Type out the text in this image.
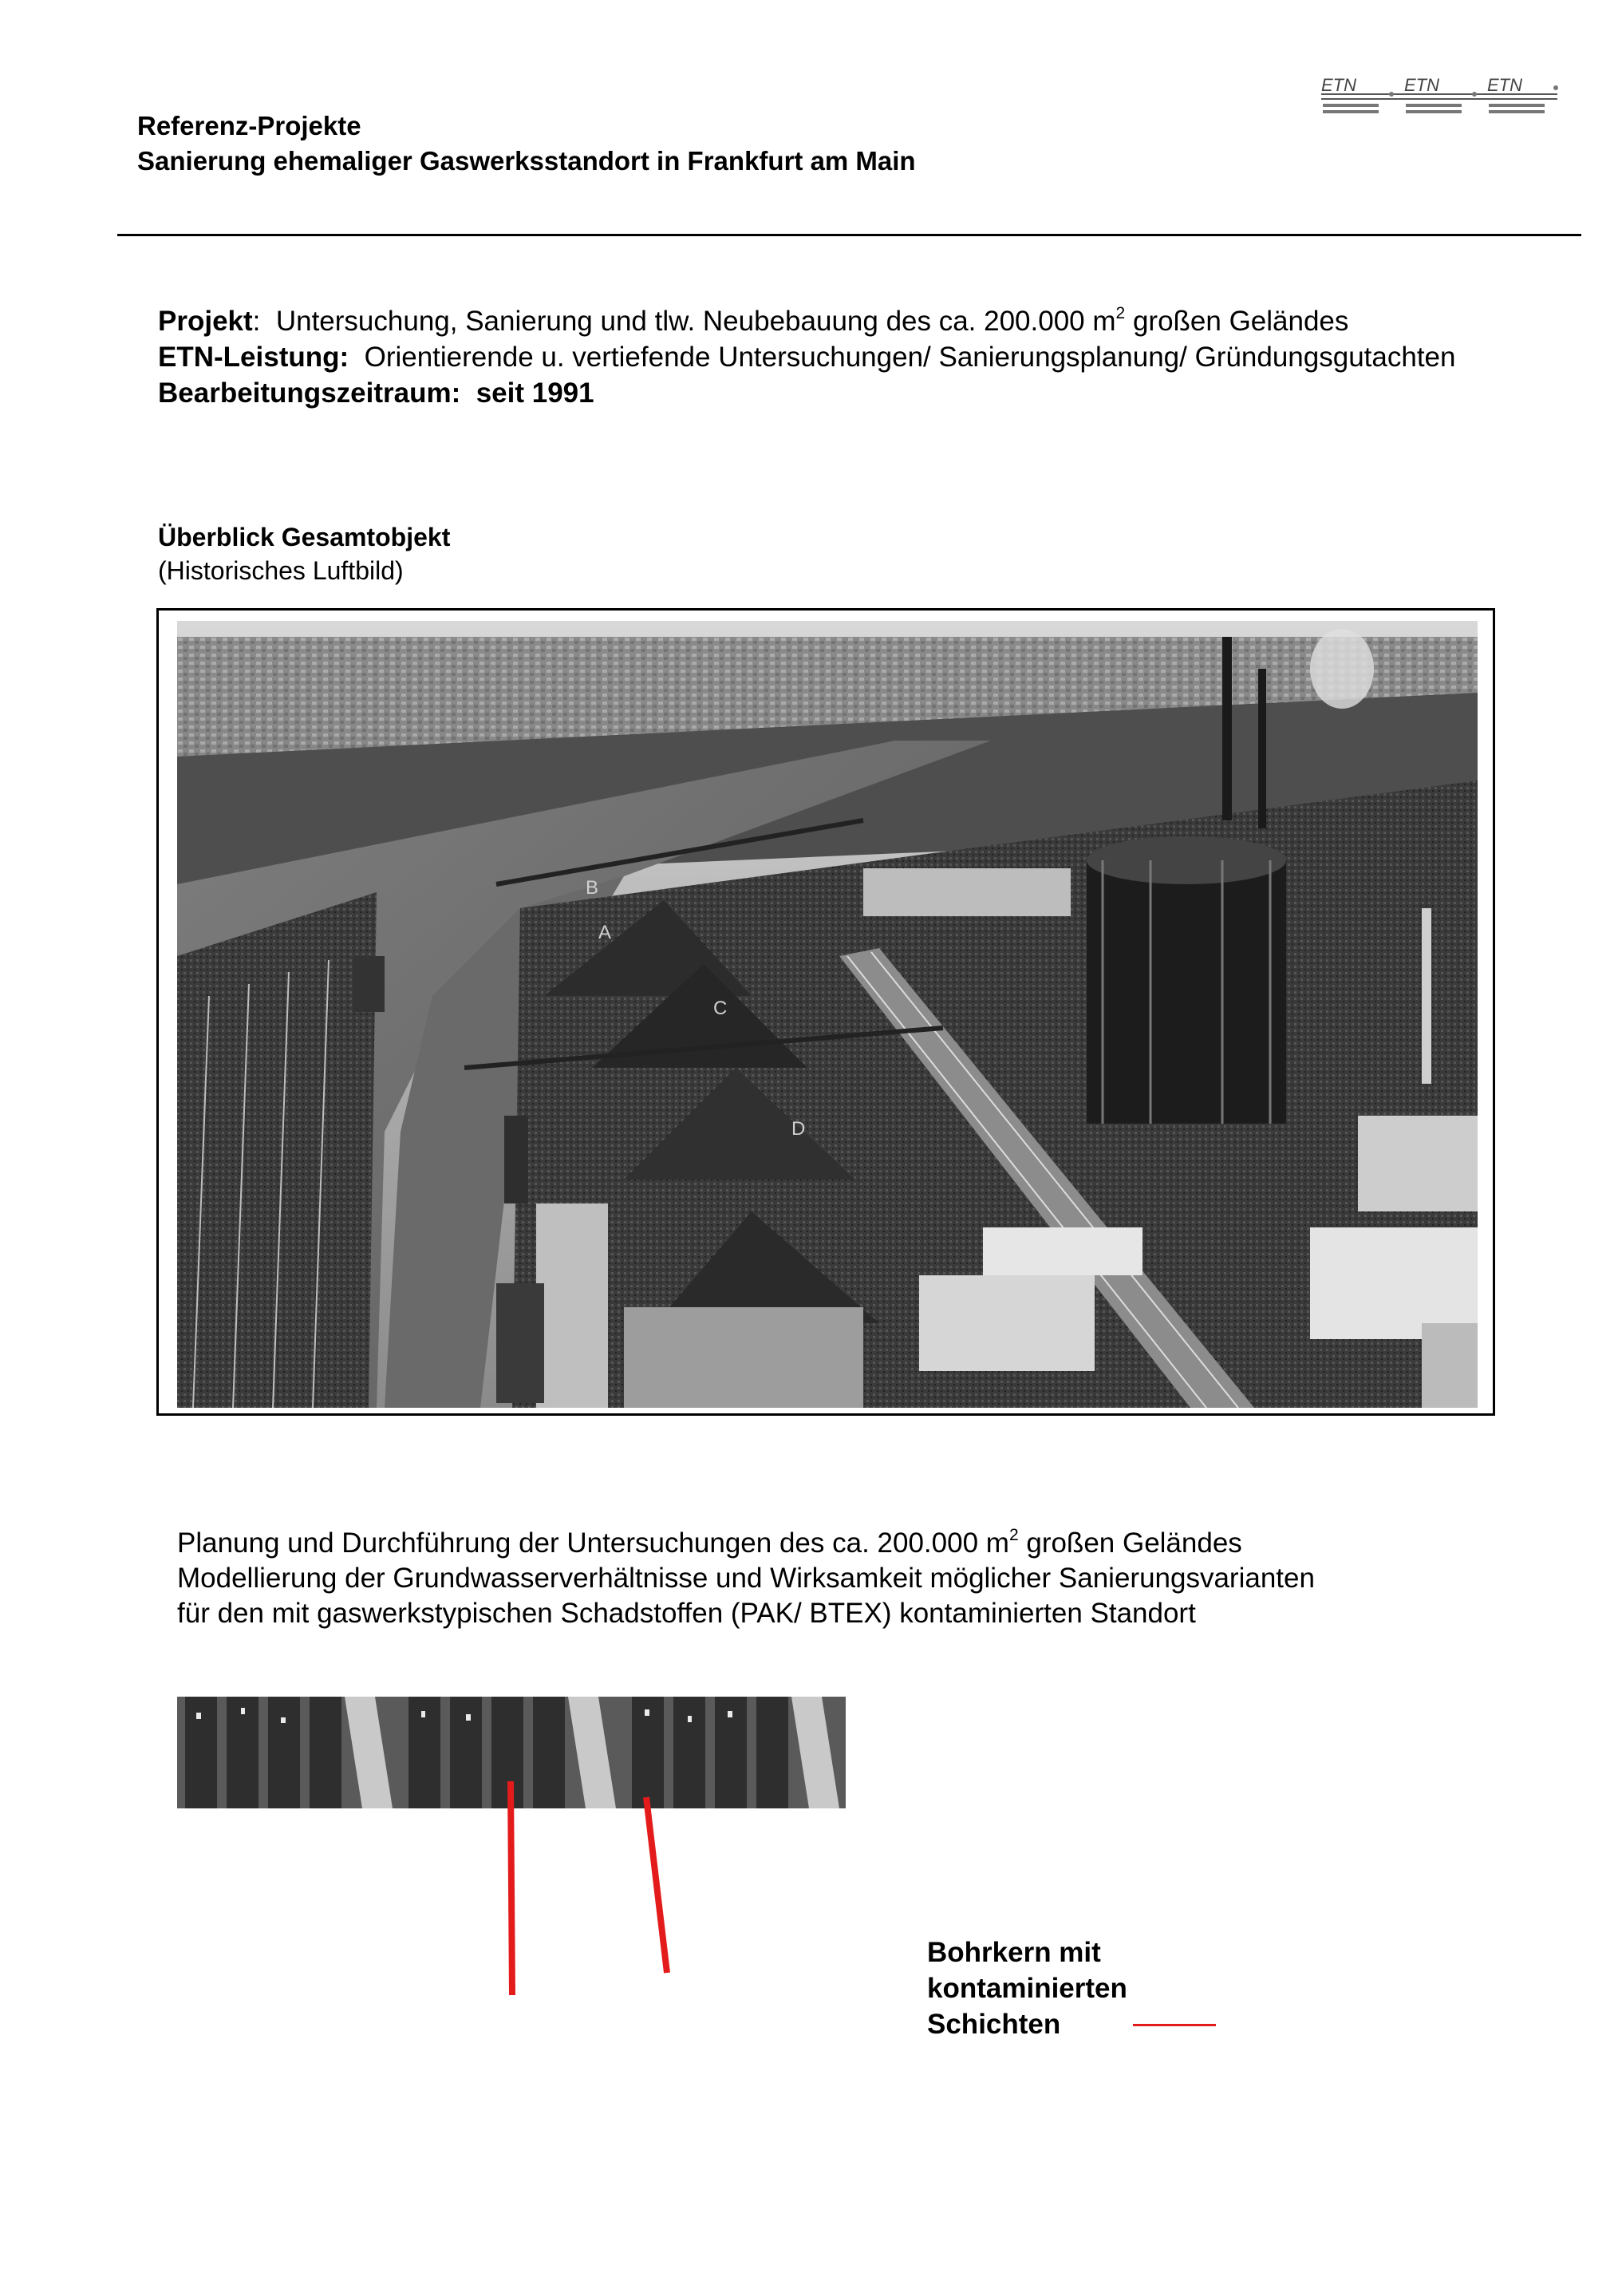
Referenz-Projekte
Sanierung ehemaliger Gaswerksstandort in Frankfurt am Main
ETN	ETN	ETN
Projekt:  Untersuchung, Sanierung und tlw. Neubebauung des ca. 200.000 $m^2$ großen Geländes
ETN-Leistung: Orientierende u. vertiefende Untersuchungen/ Sanierungsplanung/ Gründungsgutachten
Bearbeitungszeitraum: seit 1991
Überblick Gesamtobjekt
(Historisches Luftbild)
A
B
C
D
Planung und Durchführung der Untersuchungen des ca. 200.000 $m^2$ großen Geländes
Modellierung der Grundwasserverhältnisse und Wirksamkeit möglicher Sanierungsvarianten
für den mit gaswerkstypischen Schadstoffen (PAK/ BTEX) kontaminierten Standort
Bohrkern mit
kontaminierten
Schichten
